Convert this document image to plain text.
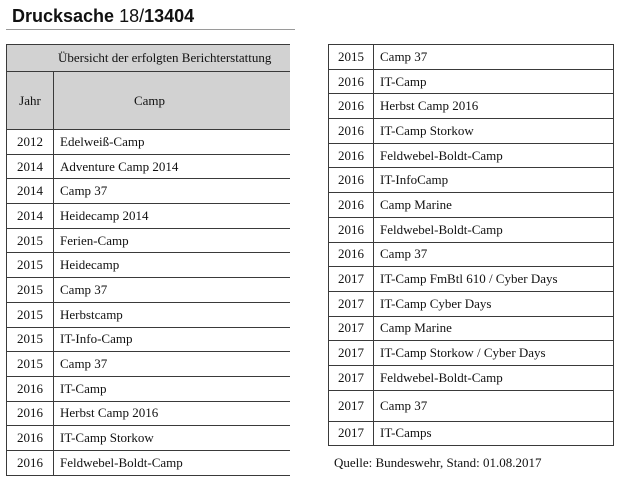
Drucksache 18/13404
Übersicht der erfolgten Berichterstattung	
Jahr	Camp
2012	Edelweiß-Camp
2014	Adventure Camp 2014
2014	Camp 37
2014	Heidecamp 2014
2015	Ferien-Camp
2015	Heidecamp
2015	Camp 37
2015	Herbstcamp
2015	IT-Info-Camp
2015	Camp 37
2016	IT-Camp
2016	Herbst Camp 2016
2016	IT-Camp Storkow
2016	Feldwebel-Boldt-Camp
2015	Camp 37
2016	IT-Camp
2016	Herbst Camp 2016
2016	IT-Camp Storkow
2016	Feldwebel-Boldt-Camp
2016	IT-InfoCamp
2016	Camp Marine
2016	Feldwebel-Boldt-Camp
2016	Camp 37
2017	IT-Camp FmBtl 610 / Cyber Days
2017	IT-Camp Cyber Days
2017	Camp Marine
2017	IT-Camp Storkow / Cyber Days
2017	Feldwebel-Boldt-Camp
2017	Camp 37
2017	IT-Camps
Quelle: Bundeswehr, Stand: 01.08.2017
